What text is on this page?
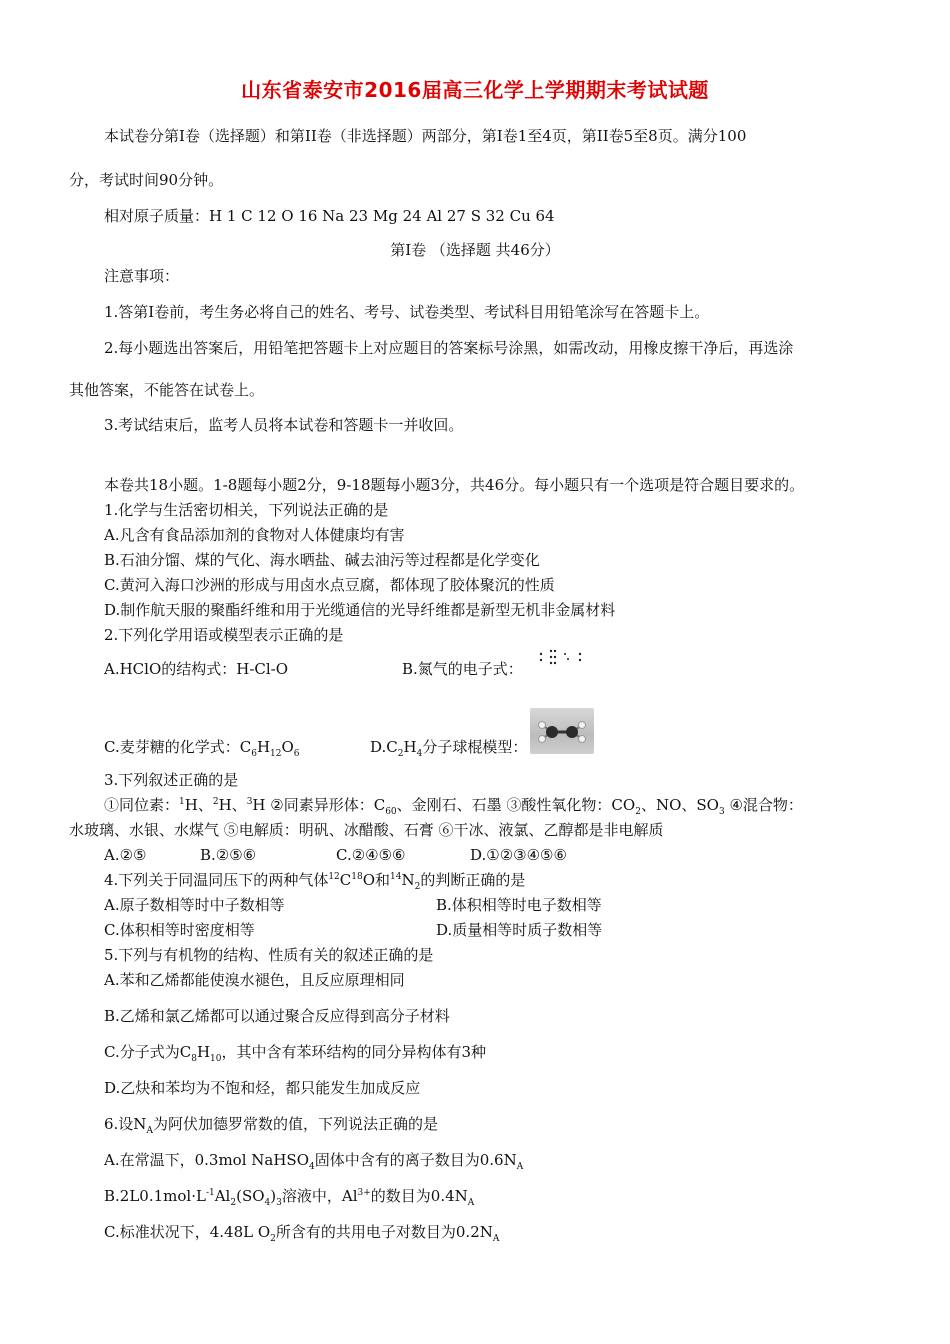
山东省泰安市2016届高三化学上学期期末考试试题
本试卷分第Ⅰ卷（选择题）和第II卷（非选择题）两部分，第Ⅰ卷1至4页，第II卷5至8页。满分100
分，考试时间90分钟。
相对原子质量：H 1 C 12 O 16 Na 23 Mg 24 Al 27 S 32 Cu 64
第Ⅰ卷 （选择题 共46分）
注意事项：
1.答第Ⅰ卷前，考生务必将自己的姓名、考号、试卷类型、考试科目用铅笔涂写在答题卡上。
2.每小题选出答案后，用铅笔把答题卡上对应题目的答案标号涂黑，如需改动，用橡皮擦干净后，再选涂
其他答案，不能答在试卷上。
3.考试结束后，监考人员将本试卷和答题卡一并收回。
本卷共18小题。1-8题每小题2分，9-18题每小题3分，共46分。每小题只有一个选项是符合题目要求的。
1.化学与生活密切相关，下列说法正确的是
A.凡含有食品添加剂的食物对人体健康均有害
B.石油分馏、煤的气化、海水晒盐、碱去油污等过程都是化学变化
C.黄河入海口沙洲的形成与用卤水点豆腐，都体现了胶体聚沉的性质
D.制作航天服的聚酯纤维和用于光缆通信的光导纤维都是新型无机非金属材料
2.下列化学用语或模型表示正确的是
A.HClO的结构式：H-Cl-O	B.氮气的电子式：
C.麦芽糖的化学式：$C_6H_{12}O_6$	$D.C_2H_4$分子球棍模型：
3.下列叙述正确的是
①同位素：$^1$H、$^2$H、$^3$H ②同素异形体：$C_{60}$、金刚石、石墨 ③酸性氧化物：$CO_2$、NO、$SO_3$ ④混合物：
水玻璃、水银、水煤气 ⑤电解质：明矾、冰醋酸、石膏 ⑥干冰、液氯、乙醇都是非电解质
A.②⑤	B.②⑤⑥	C.②④⑤⑥	D.①②③④⑤⑥
4.下列关于同温同压下的两种气体$^{12}C^{18}O$和$^{14}N_2$的判断正确的是
A.原子数相等时中子数相等	B.体积相等时电子数相等
C.体积相等时密度相等	D.质量相等时质子数相等
5.下列与有机物的结构、性质有关的叙述正确的是
A.苯和乙烯都能使溴水褪色，且反应原理相同
B.乙烯和氯乙烯都可以通过聚合反应得到高分子材料
C.分子式为$C_8H_{10}$，其中含有苯环结构的同分异构体有3种
D.乙炔和苯均为不饱和烃，都只能发生加成反应
6.设$N_A$为阿伏加德罗常数的值，下列说法正确的是
A.在常温下，0.3mol NaHSO$_4$固体中含有的离子数目为$0.6N_A$
$B.2L0.1mol\cdot L^{-1}Al_2(SO_4)_3$溶液中，$Al^{3+}$的数目为$0.4N_A$
C.标准状况下，4.48L $O_2$所含有的共用电子对数目为$0.2N_A$
